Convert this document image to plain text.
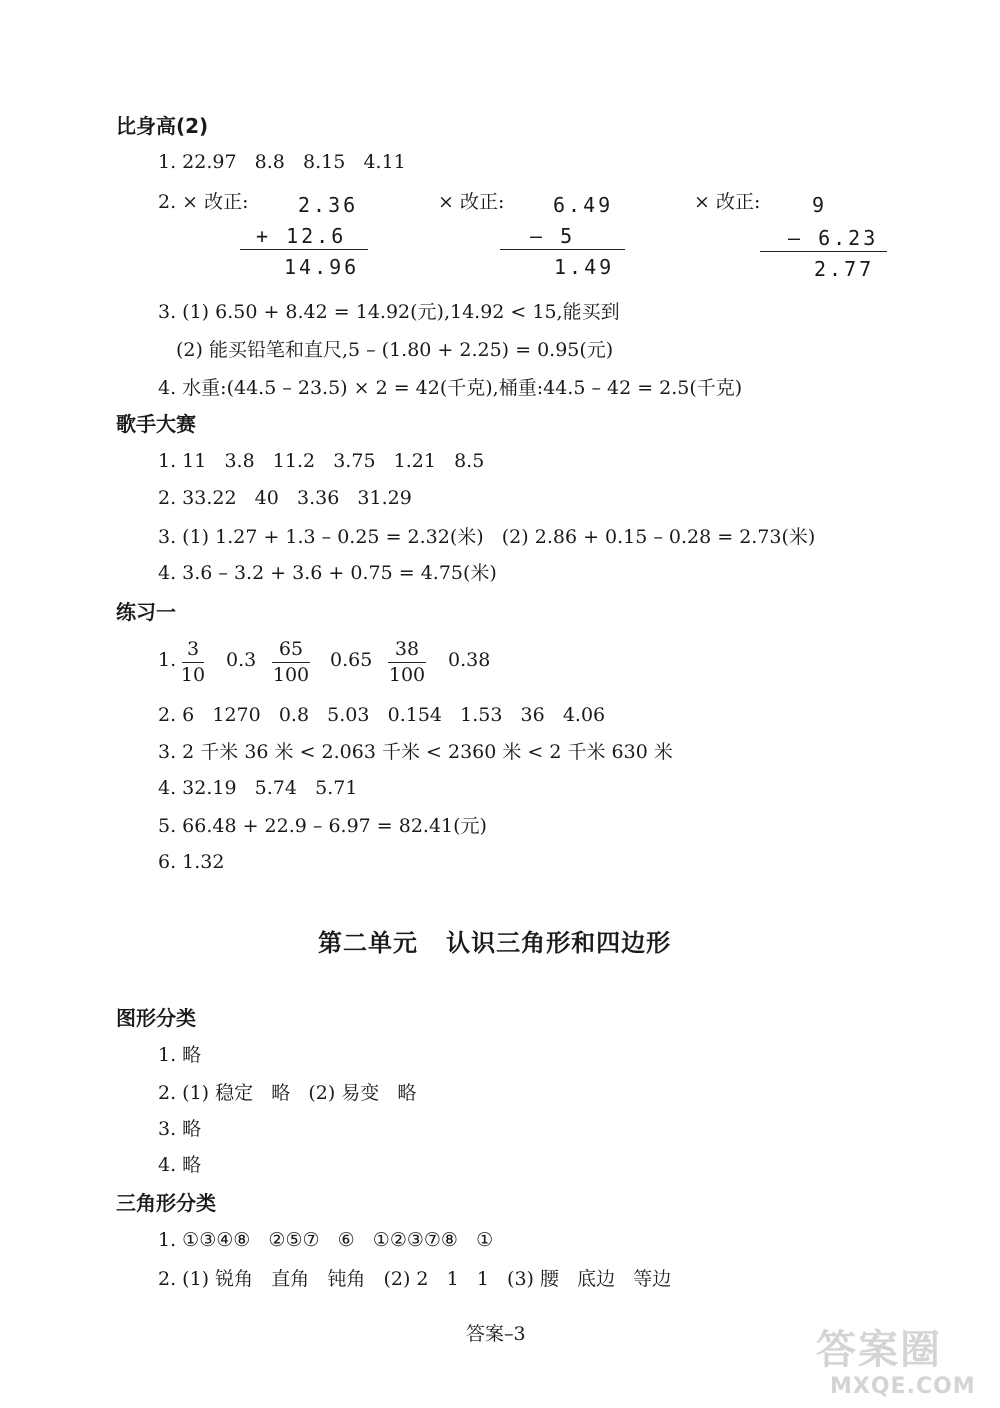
比身高(2)
1. 22.97   8.8   8.15   4.11
2. × 改正: 2.36
+ 12.6
14.96
× 改正: 6.49
– 5
1.49
× 改正:	9
– 6.23
2.77
3. (1) 6.50 + 8.42 = 14.92(元),14.92 < 15,能买到
(2) 能买铅笔和直尺,5 – (1.80 + 2.25) = 0.95(元)
4. 水重:(44.5 – 23.5) × 2 = 42(千克),桶重:44.5 – 42 = 2.5(千克)
歌手大赛
1. 11   3.8   11.2   3.75   1.21   8.5
2. 33.22   40   3.36   31.29
3. (1) 1.27 + 1.3 – 0.25 = 2.32(米)   (2) 2.86 + 0.15 – 0.28 = 2.73(米)
4. 3.6 – 3.2 + 3.6 + 0.75 = 4.75(米)
练习一
1. 3
10
0.3 65
100
0.65 38
100
0.38
2. 6   1270   0.8   5.03   0.154   1.53   36   4.06
3. 2 千米 36 米 < 2.063 千米 < 2360 米 < 2 千米 630 米
4. 32.19   5.74   5.71
5. 66.48 + 22.9 – 6.97 = 82.41(元)
6. 1.32
第二单元   认识三角形和四边形
图形分类
1. 略
2. (1) 稳定   略   (2) 易变   略
3. 略
4. 略
三角形分类
1. ①③④⑧   ②⑤⑦   ⑥   ①②③⑦⑧   ①
2. (1) 锐角   直角   钝角   (2) 2   1   1   (3) 腰   底边   等边
答案–3	答案圈
MXQE.COM
